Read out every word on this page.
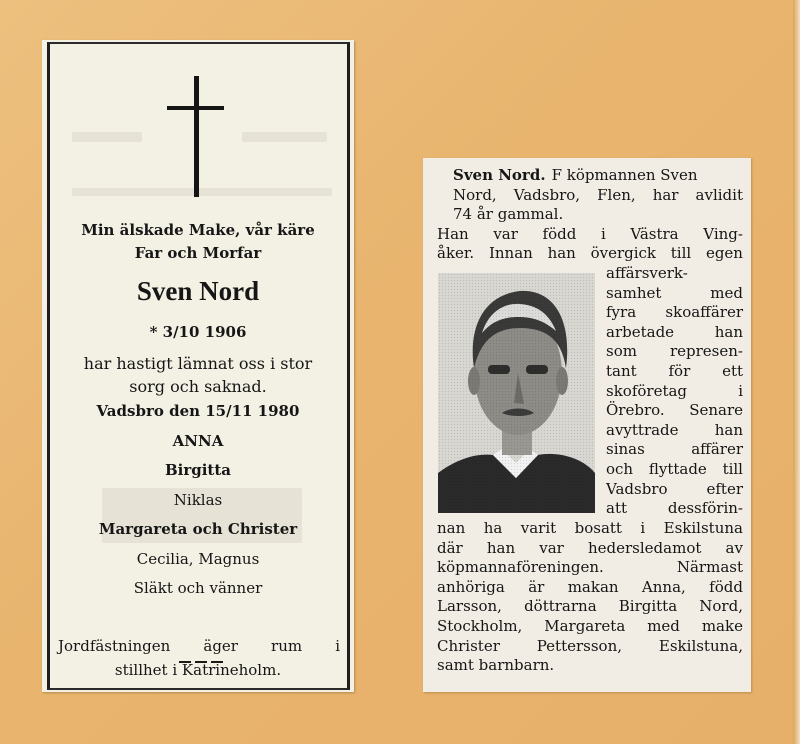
Min älskade Make, vår käre
Far och Morfar
Sven Nord
* 3/10 1906
har hastigt lämnat oss i stor
sorg och saknad.
Vadsbro den 15/11 1980
ANNA
Birgitta
Niklas
Margareta och Christer
Cecilia, Magnus
Släkt och vänner
Jordfästningen äger rum i
stillhet i Katrineholm.
Sven Nord. F köpmannen Sven
Nord, Vadsbro, Flen, har avlidit
74 år gammal.
Han var född i Västra Ving-
åker. Innan han övergick till egen
affärsverk-
samhet	med
fyra skoaffärer
arbetade	han
som represen-
tant för ett
skoföretag	i
Örebro. Senare
avyttrade han
sinas	affärer
och flyttade till
Vadsbro	efter
att	dessförin-
nan ha varit bosatt i Eskilstuna
där han var hedersledamot av
köpmannaföreningen.	Närmast
anhöriga är makan Anna, född
Larsson, döttrarna Birgitta Nord,
Stockholm, Margareta med make
Christer Pettersson, Eskilstuna,
samt barnbarn.
